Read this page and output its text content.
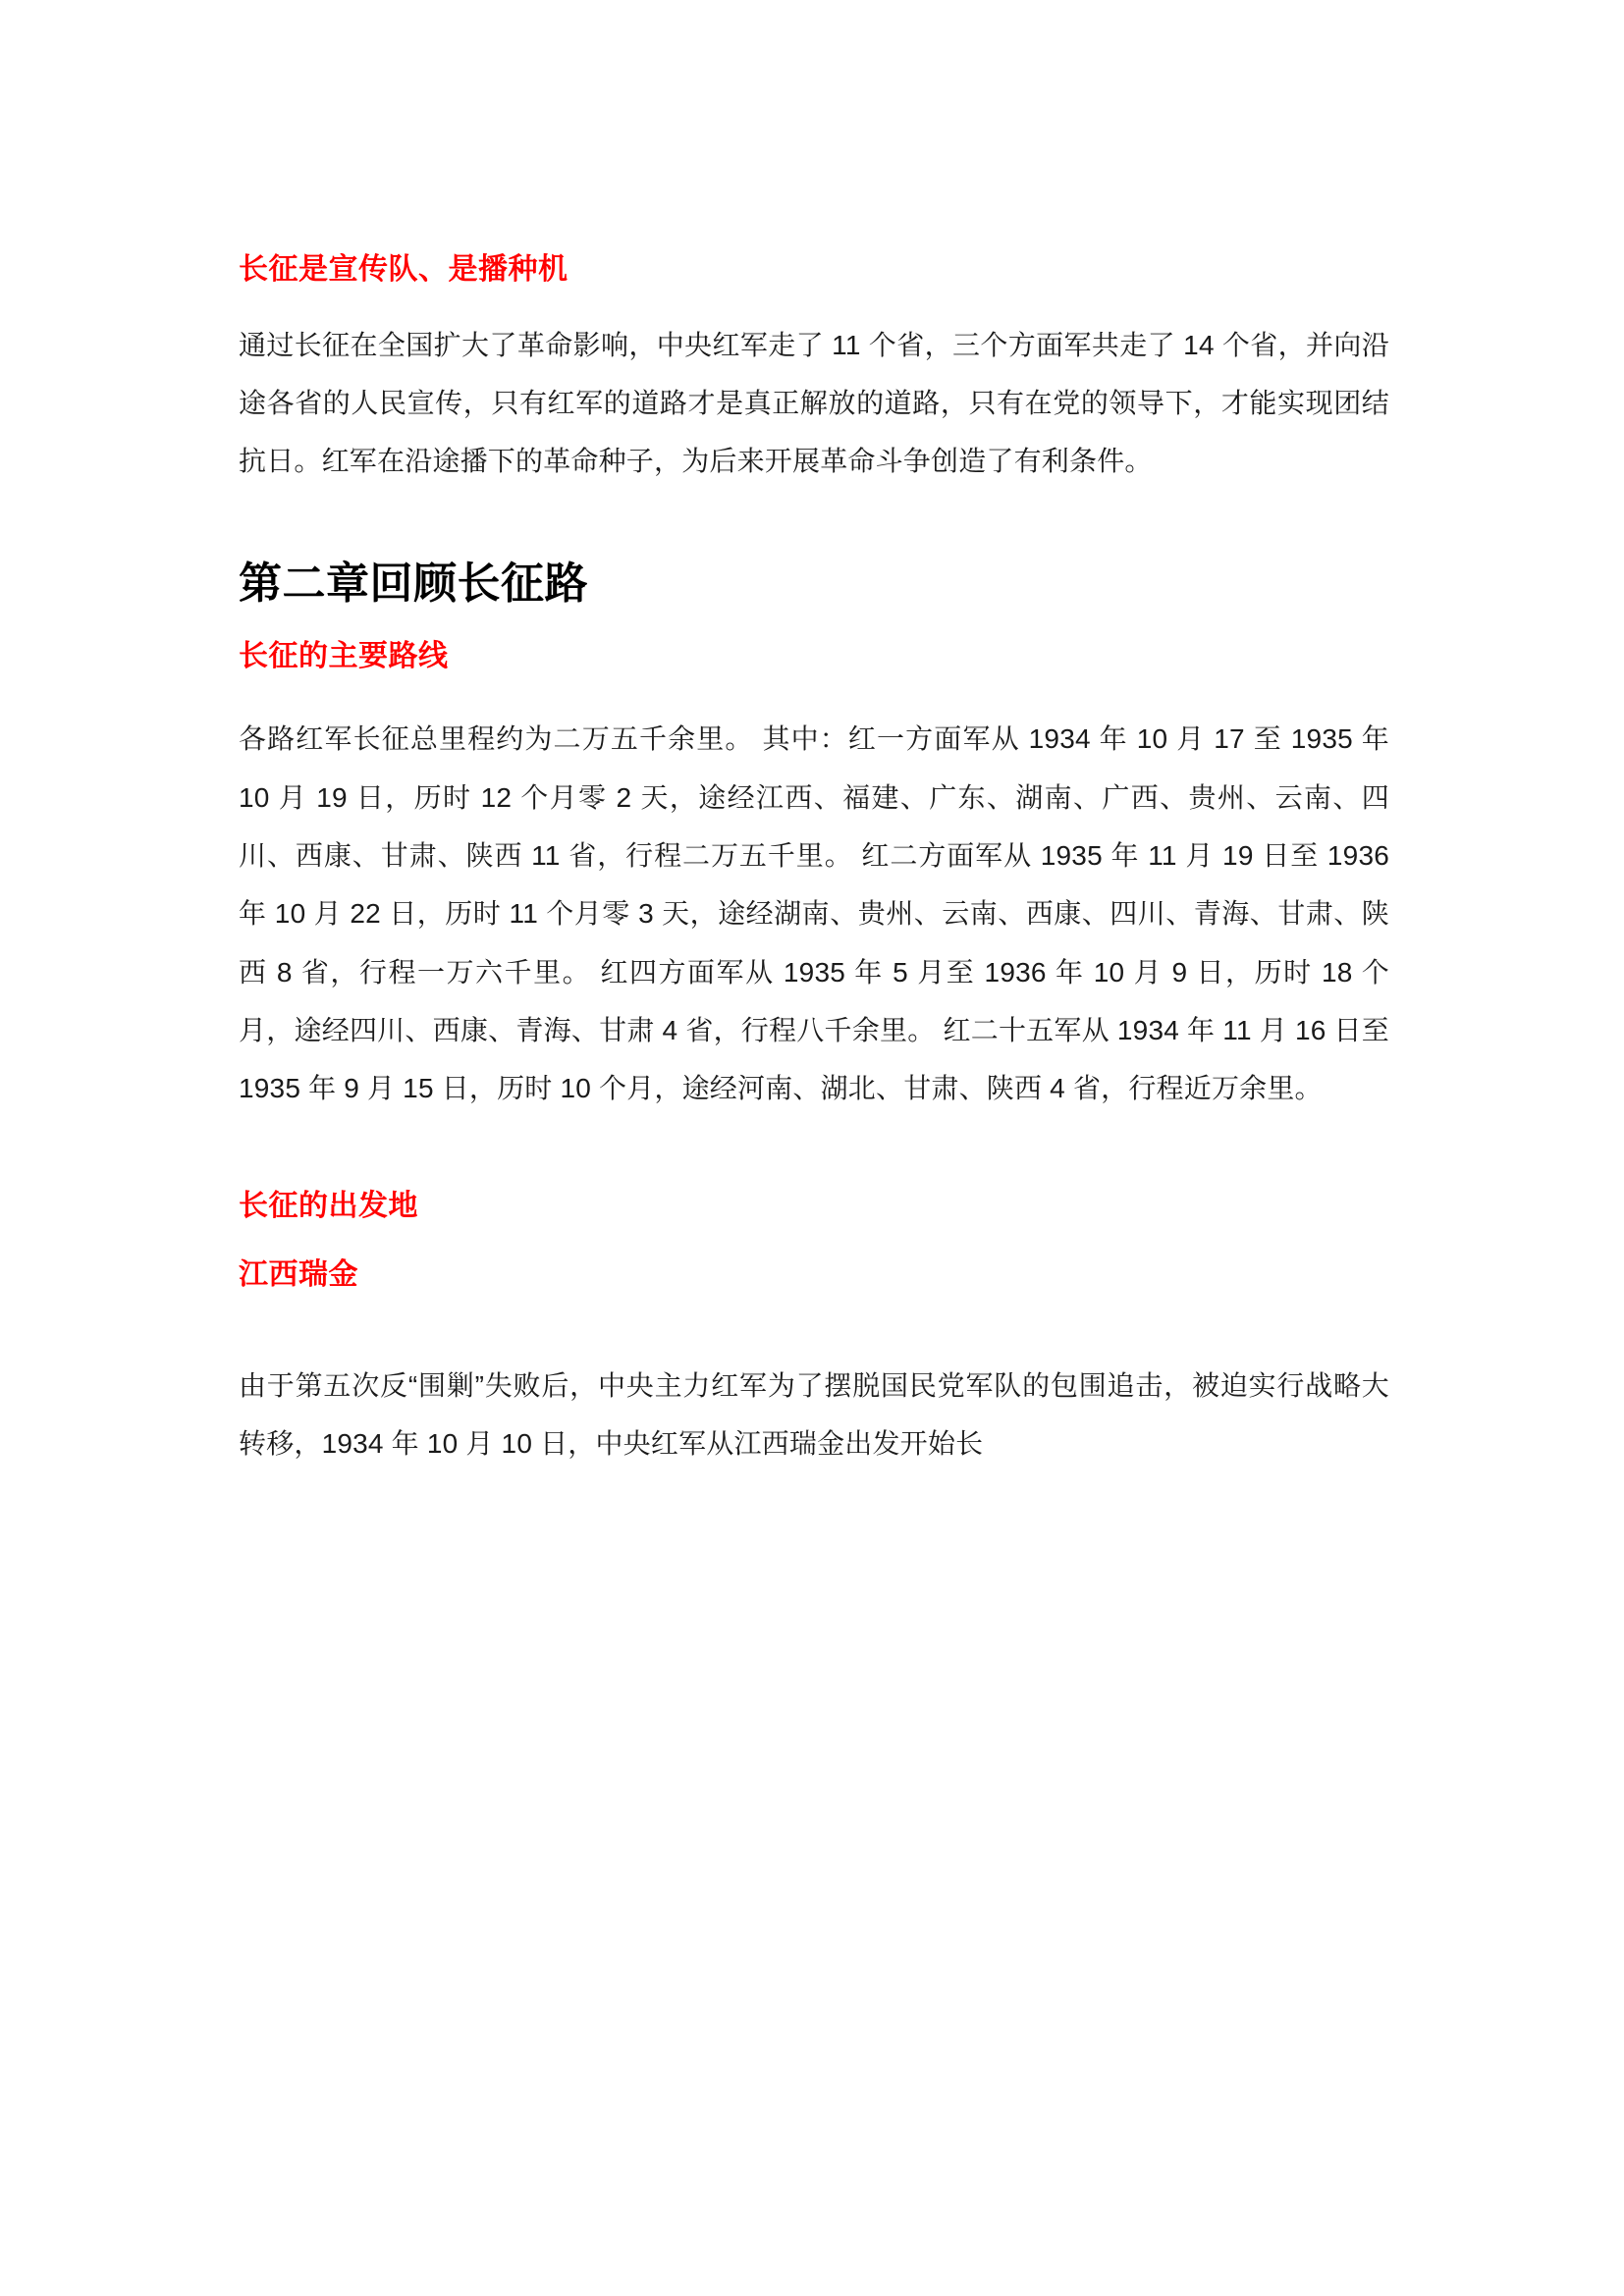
长征是宣传队、是播种机

通过长征在全国扩大了革命影响，中央红军走了 11 个省，三个方面军共走了 14 个省，并向沿途各省的人民宣传，只有红军的道路才是真正解放的道路，只有在党的领导下，才能实现团结抗日。红军在沿途播下的革命种子，为后来开展革命斗争创造了有利条件。

第二章回顾长征路
长征的主要路线

各路红军长征总里程约为二万五千余里。 其中：红一方面军从 1934 年 10 月 17 至 1935 年 10 月 19 日，历时 12 个月零 2 天，途经江西、福建、广东、湖南、广西、贵州、云南、四川、西康、甘肃、陕西 11 省，行程二万五千里。 红二方面军从 1935 年 11 月 19 日至 1936 年 10 月 22 日，历时 11 个月零 3 天，途经湖南、贵州、云南、西康、四川、青海、甘肃、陕西 8 省，行程一万六千里。 红四方面军从 1935 年 5 月至 1936 年 10 月 9 日，历时 18 个月，途经四川、西康、青海、甘肃 4 省，行程八千余里。 红二十五军从 1934 年 11 月 16 日至 1935 年 9 月 15 日，历时 10 个月，途经河南、湖北、甘肃、陕西 4 省，行程近万余里。

长征的出发地
江西瑞金

由于第五次反“围剿”失败后，中央主力红军为了摆脱国民党军队的包围追击，被迫实行战略大转移，1934 年 10 月 10 日，中央红军从江西瑞金出发开始长
